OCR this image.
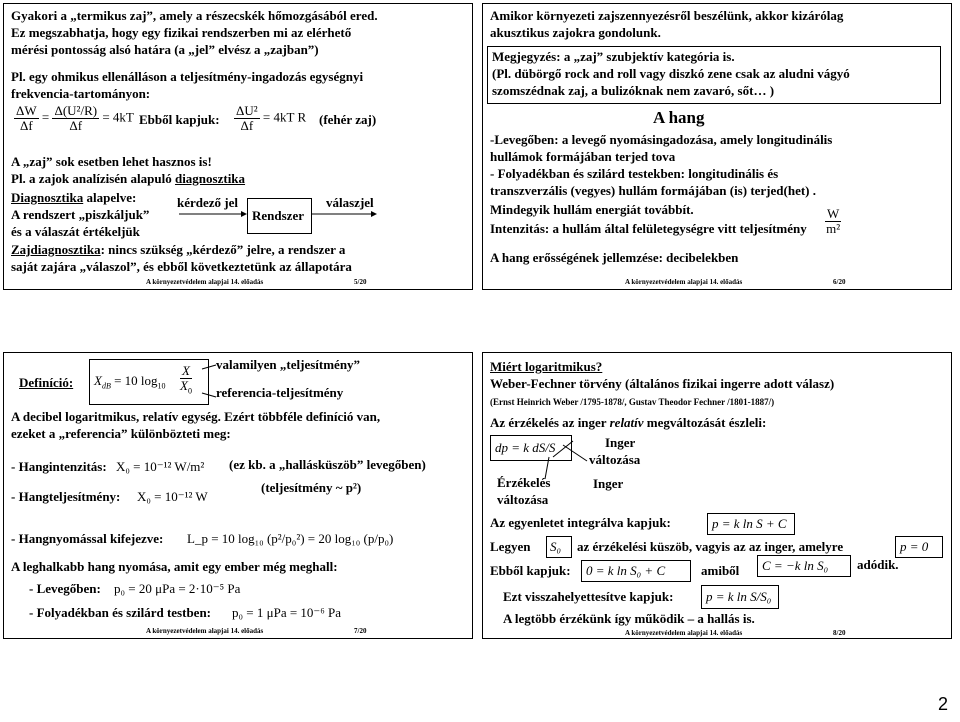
Gyakori a „termikus zaj”, amely a részecskék hőmozgásából ered.
Ez megszabhatja, hogy egy fizikai rendszerben mi az elérhető
mérési pontosság alsó határa (a „jel” elvész a „zajban”)
Pl. egy ohmikus ellenálláson a teljesítmény-ingadozás egységnyi
frekvencia-tartományon:
$\frac{\Delta W}{\Delta f} = \frac{\text{Δ(U²/R)}}{\Delta f} = 4kT$ Ebből kapjuk: $\frac{\text{ΔU²}}{\Delta f} = 4kT$ R (fehér zaj)
A „zaj” sok esetben lehet hasznos is!
Pl. a zajok analízisén alapuló diagnosztika
Diagnosztika alapelve:
A rendszert „piszkáljuk”
és a válaszát értékeljük
kérdező jel	válaszjel
Rendszer
Zajdiagnosztika: nincs szükség „kérdező” jelre, a rendszer a
saját zajára „válaszol”, és ebből következtetünk az állapotára
A környezetvédelem alapjai 14. előadás	5/20
Amikor környezeti zajszennyezésről beszélünk, akkor kizárólag
akusztikus zajokra gondolunk.
Megjegyzés: a „zaj” szubjektív kategória is.
(Pl. dübörgő rock and roll vagy diszkó zene csak az aludni vágyó
szomszédnak zaj, a bulizóknak nem zavaró, sőt… )
A hang
-Levegőben: a levegő nyomásingadozása, amely longitudinális
hullámok formájában terjed tova
- Folyadékban és szilárd testekben: longitudinális és
transzverzális (vegyes) hullám formájában (is) terjed(het) .
Mindegyik hullám energiát továbbít.
Intenzitás: a hullám által felületegységre vitt teljesítmény $\frac{W}{\text{m²}}$
A hang erősségének jellemzése: decibelekben
A környezetvédelem alapjai 14. előadás	6/20
Definíció: $X_{dB} = 10$ $\log_{10} \frac{X}{X_0}$ valamilyen „teljesítmény”
referencia-teljesítmény
A decibel logaritmikus, relatív egység. Ezért többféle definíció van,
ezeket a „referencia” különbözteti meg:
- Hangintenzitás: X₀ = 10⁻¹² W/m² (ez kb. a „hallásküszöb” levegőben)
(teljesítmény ~ p²)
- Hangteljesítmény: X₀ = 10⁻¹² W
- Hangnyomással kifejezve: L_p = 10 log₁₀ (p²/p₀²) = 20 log₁₀ (p/p₀)
A leghalkabb hang nyomása, amit egy ember még meghall:
- Levegőben: p₀ = 20 μPa = 2·10⁻⁵ Pa
- Folyadékban és szilárd testben: p₀ = 1 μPa = 10⁻⁶ Pa
A környezetvédelem alapjai 14. előadás	7/20
Miért logaritmikus?
Weber-Fechner törvény (általános fizikai ingerre adott válasz)
(Ernst Heinrich Weber /1795-1878/, Gustav Theodor Fechner /1801-1887/)
Az érzékelés az inger relatív megváltozását észleli:
dp = k dS/S	Inger
változása
Inger
Érzékelés
változása
Az egyenletet integrálva kapjuk:	p = k ln S + C
Legyen S₀ az érzékelési küszöb, vagyis az az inger, amelyre	p = 0
Ebből kapjuk: 0 = k ln S₀ + C	amiből C = −k ln S₀ adódik.
Ezt visszahelyettesítve kapjuk:	p = k ln S/S₀
A legtöbb érzékünk így működik – a hallás is.
A környezetvédelem alapjai 14. előadás	8/20
2
